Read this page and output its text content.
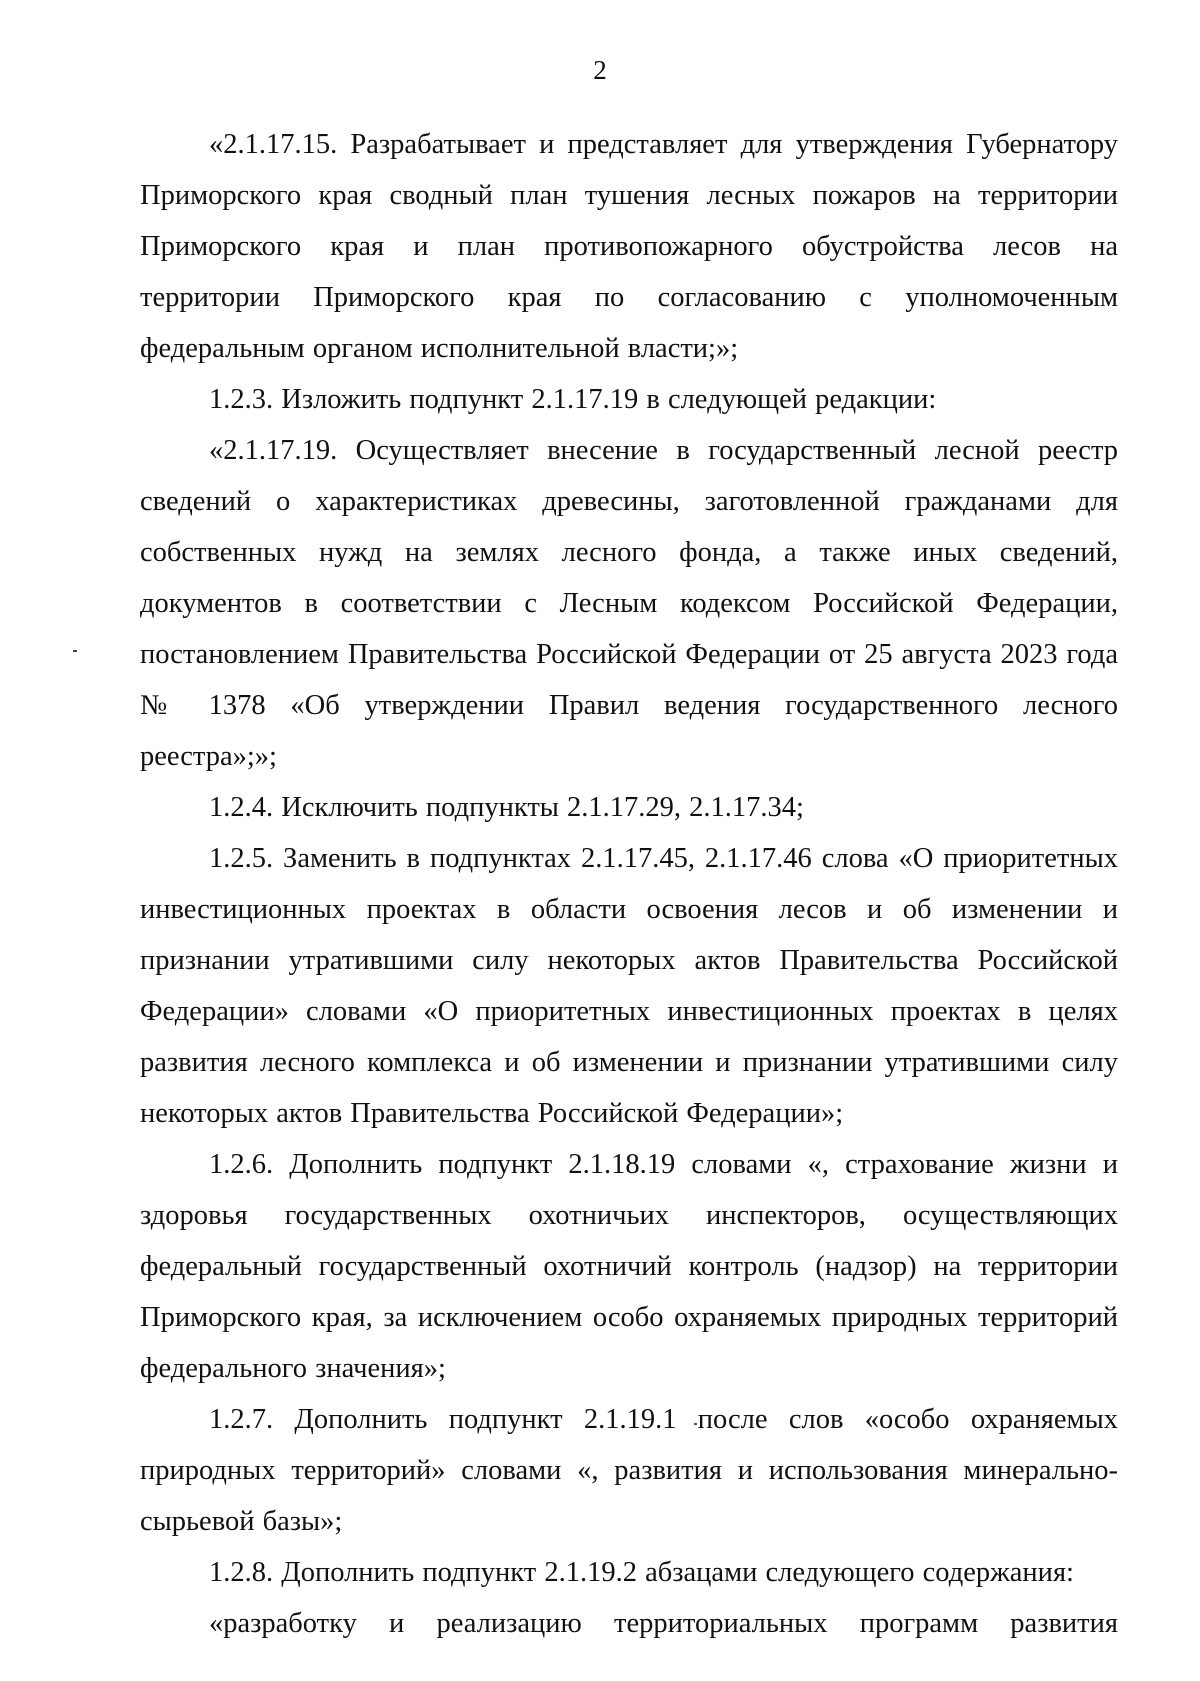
2

«2.1.17.15. Разрабатывает и представляет для утверждения Губернатору Приморского края сводный план тушения лесных пожаров на территории Приморского края и план противопожарного обустройства лесов на территории Приморского края по согласованию с уполномоченным федеральным органом исполнительной власти;»;

1.2.3. Изложить подпункт 2.1.17.19 в следующей редакции:

«2.1.17.19. Осуществляет внесение в государственный лесной реестр сведений о характеристиках древесины, заготовленной гражданами для собственных нужд на землях лесного фонда, а также иных сведений, документов в соответствии с Лесным кодексом Российской Федерации, постановлением Правительства Российской Федерации от 25 августа 2023 года № 1378 «Об утверждении Правил ведения государственного лесного реестра»;»;

1.2.4. Исключить подпункты 2.1.17.29, 2.1.17.34;

1.2.5. Заменить в подпунктах 2.1.17.45, 2.1.17.46 слова «О приоритетных инвестиционных проектах в области освоения лесов и об изменении и признании утратившими силу некоторых актов Правительства Российской Федерации» словами «О приоритетных инвестиционных проектах в целях развития лесного комплекса и об изменении и признании утратившими силу некоторых актов Правительства Российской Федерации»;

1.2.6. Дополнить подпункт 2.1.18.19 словами «, страхование жизни и здоровья государственных охотничьих инспекторов, осуществляющих федеральный государственный охотничий контроль (надзор) на территории Приморского края, за исключением особо охраняемых природных территорий федерального значения»;

1.2.7. Дополнить подпункт 2.1.19.1 после слов «особо охраняемых природных территорий» словами «, развития и использования минерально-сырьевой базы»;

1.2.8. Дополнить подпункт 2.1.19.2 абзацами следующего содержания:

«разработку и реализацию территориальных программ развития
